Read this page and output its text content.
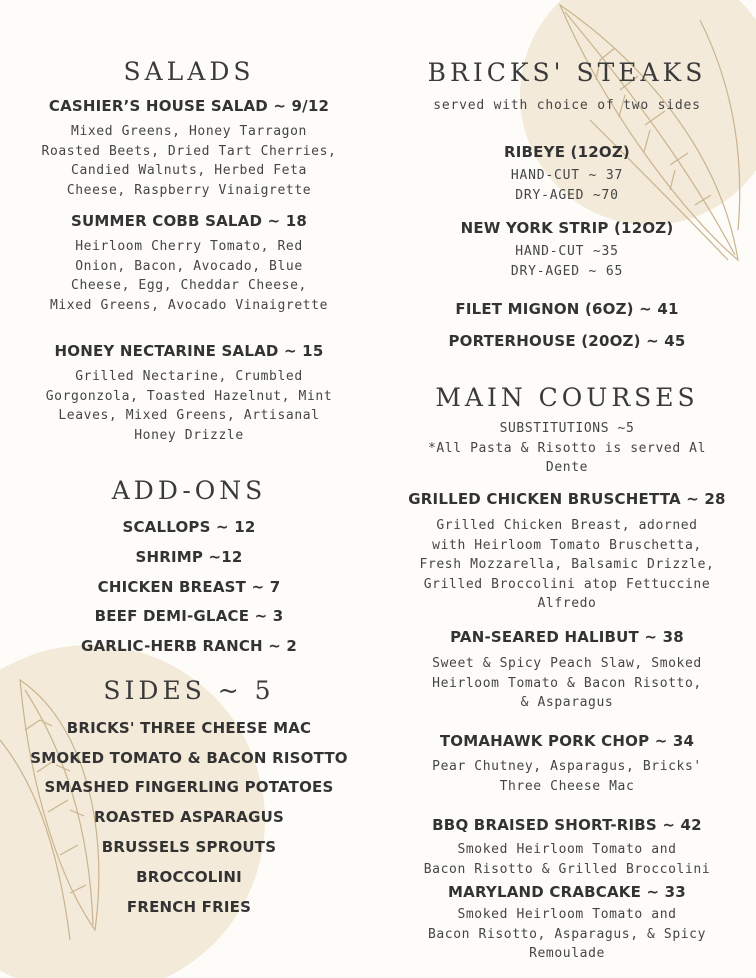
SALADS
CASHIER’S HOUSE SALAD ~ 9/12
Mixed Greens, Honey Tarragon
Roasted Beets, Dried Tart Cherries,
Candied Walnuts, Herbed Feta
Cheese, Raspberry Vinaigrette
SUMMER COBB SALAD ~ 18
Heirloom Cherry Tomato, Red
Onion, Bacon, Avocado, Blue
Cheese, Egg, Cheddar Cheese,
Mixed Greens, Avocado Vinaigrette
HONEY NECTARINE SALAD ~ 15
Grilled Nectarine, Crumbled
Gorgonzola, Toasted Hazelnut, Mint
Leaves, Mixed Greens, Artisanal
Honey Drizzle
ADD-ONS
SCALLOPS ~ 12
SHRIMP ~12
CHICKEN BREAST ~ 7
BEEF DEMI-GLACE ~ 3
GARLIC-HERB RANCH ~ 2
SIDES ~ 5
BRICKS' THREE CHEESE MAC
SMOKED TOMATO & BACON RISOTTO
SMASHED FINGERLING POTATOES
ROASTED ASPARAGUS
BRUSSELS SPROUTS
BROCCOLINI
FRENCH FRIES
BRICKS' STEAKS
served with choice of two sides
RIBEYE (12OZ)
HAND-CUT ~ 37
DRY-AGED ~70
NEW YORK STRIP (12OZ)
HAND-CUT ~35
DRY-AGED ~ 65
FILET MIGNON (6OZ) ~ 41
PORTERHOUSE (20OZ) ~ 45
MAIN COURSES
SUBSTITUTIONS ~5
*All Pasta & Risotto is served Al
Dente
GRILLED CHICKEN BRUSCHETTA ~ 28
Grilled Chicken Breast, adorned
with Heirloom Tomato Bruschetta,
Fresh Mozzarella, Balsamic Drizzle,
Grilled Broccolini atop Fettuccine
Alfredo
PAN-SEARED HALIBUT ~ 38
Sweet & Spicy Peach Slaw, Smoked
Heirloom Tomato & Bacon Risotto,
& Asparagus
TOMAHAWK PORK CHOP ~ 34
Pear Chutney, Asparagus, Bricks'
Three Cheese Mac
BBQ BRAISED SHORT-RIBS ~ 42
Smoked Heirloom Tomato and
Bacon Risotto & Grilled Broccolini
MARYLAND CRABCAKE ~ 33
Smoked Heirloom Tomato and
Bacon Risotto, Asparagus, & Spicy
Remoulade
